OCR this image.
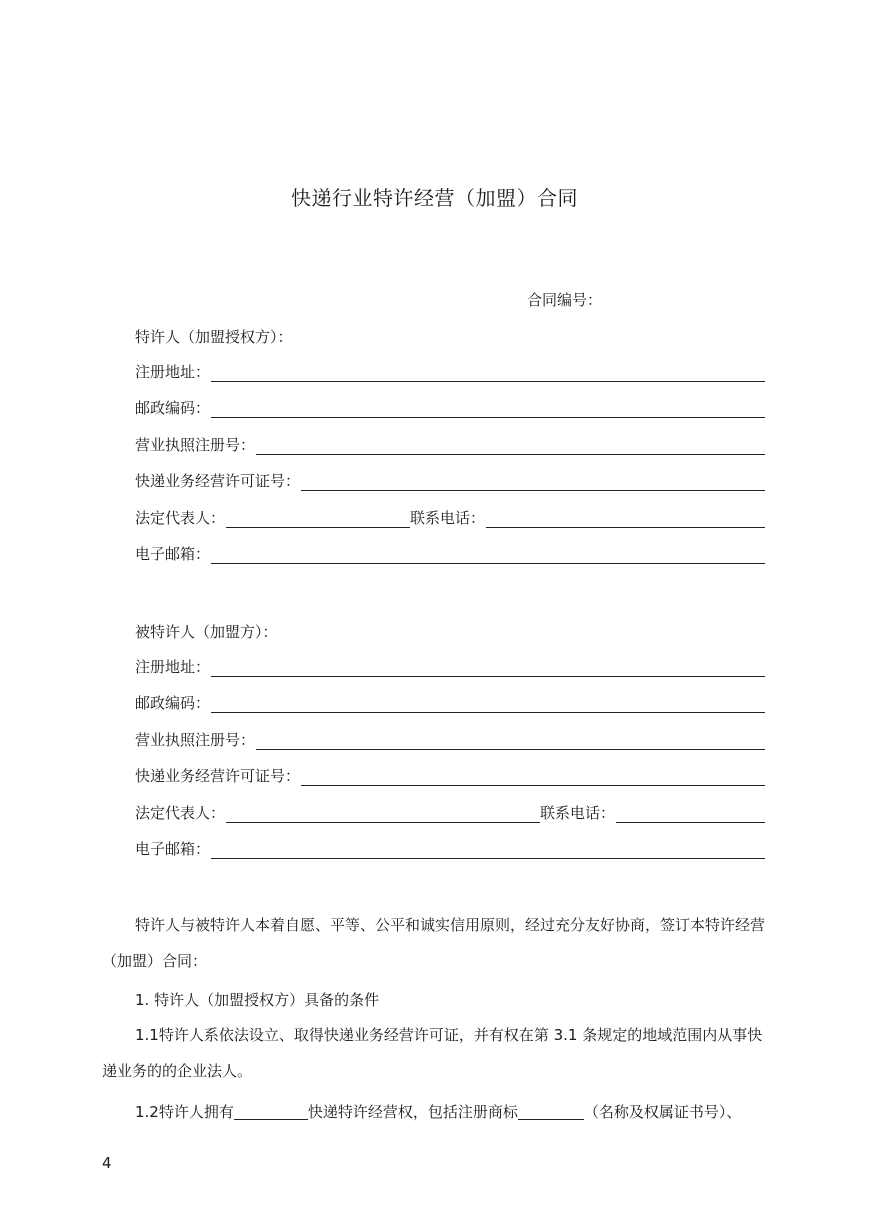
快递行业特许经营（加盟）合同
合同编号：
特许人（加盟授权方）：
注册地址：
邮政编码：
营业执照注册号：
快递业务经营许可证号：
法定代表人：	联系电话：
电子邮箱：
被特许人（加盟方）：
注册地址：
邮政编码：
营业执照注册号：
快递业务经营许可证号：
法定代表人：	联系电话：
电子邮箱：
特许人与被特许人本着自愿、平等、公平和诚实信用原则，经过充分友好协商，签订本特许经营（加盟）合同：
1. 特许人（加盟授权方）具备的条件
1.1特许人系依法设立、取得快递业务经营许可证，并有权在第 3.1 条规定的地域范围内从事快递业务的的企业法人。
1.2特许人拥有	快递特许经营权，包括注册商标	（名称及权属证书号）、
4
